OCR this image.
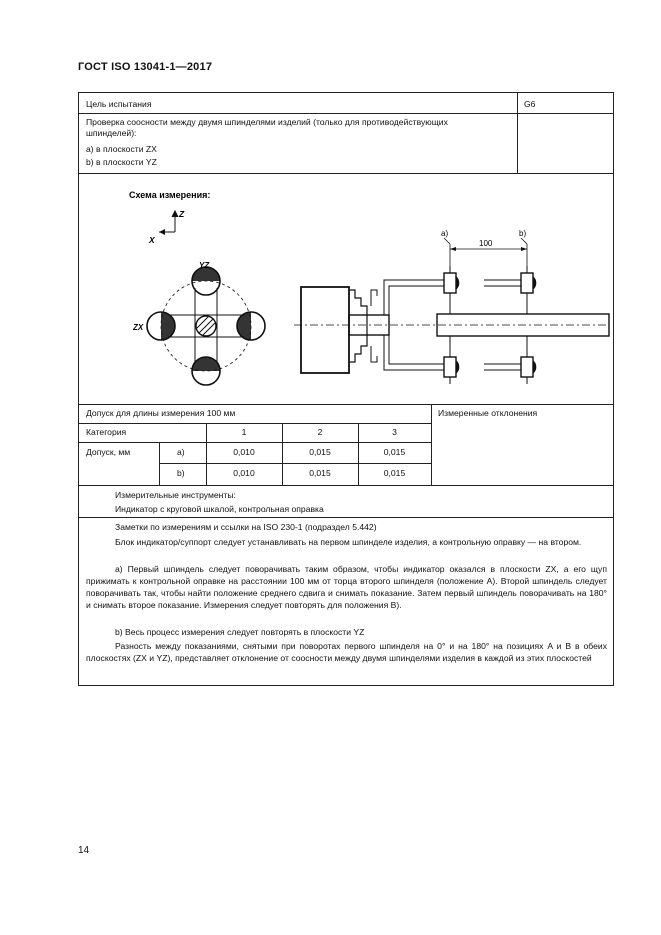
ГОСТ ISO 13041-1—2017
Цель испытания	G6
Проверка соосности между двумя шпинделями изделий (только для противодействующих
шпинделей):
a) в плоскости ZX
b) в плоскости YZ
Схема измерения:
Z
X
YZ
ZX
a)	b)
100
Допуск для длины измерения 100 мм	Измеренные отклонения
Категория	1	2	3
Допуск, мм	a)	0,010	0,015	0,015
b)	0,010	0,015	0,015
Измерительные инструменты:
Индикатор с круговой шкалой, контрольная оправка
Заметки по измерениям и ссылки на ISO 230-1 (подраздел 5.442)
Блок индикатор/суппорт следует устанавливать на первом шпинделе изделия, а контрольную оправку — на втором.
а) Первый шпиндель следует поворачивать таким образом, чтобы индикатор оказался в плоскости ZX, а его щуп прижимать к контрольной оправке на расстоянии 100 мм от торца второго шпинделя (положение А). Второй шпиндель следует поворачивать так, чтобы найти положение среднего сдвига и снимать показание. Затем первый шпиндель поворачивать на 180° и снимать второе показание. Измерения следует повторять для положения В).
b) Весь процесс измерения следует повторять в плоскости YZ
Разность между показаниями, снятыми при поворотах первого шпинделя на 0° и на 180° на позициях A и B в обеих плоскостях (ZX и YZ), представляет отклонение от соосности между двумя шпинделями изделия в каждой из этих плоскостей
14
